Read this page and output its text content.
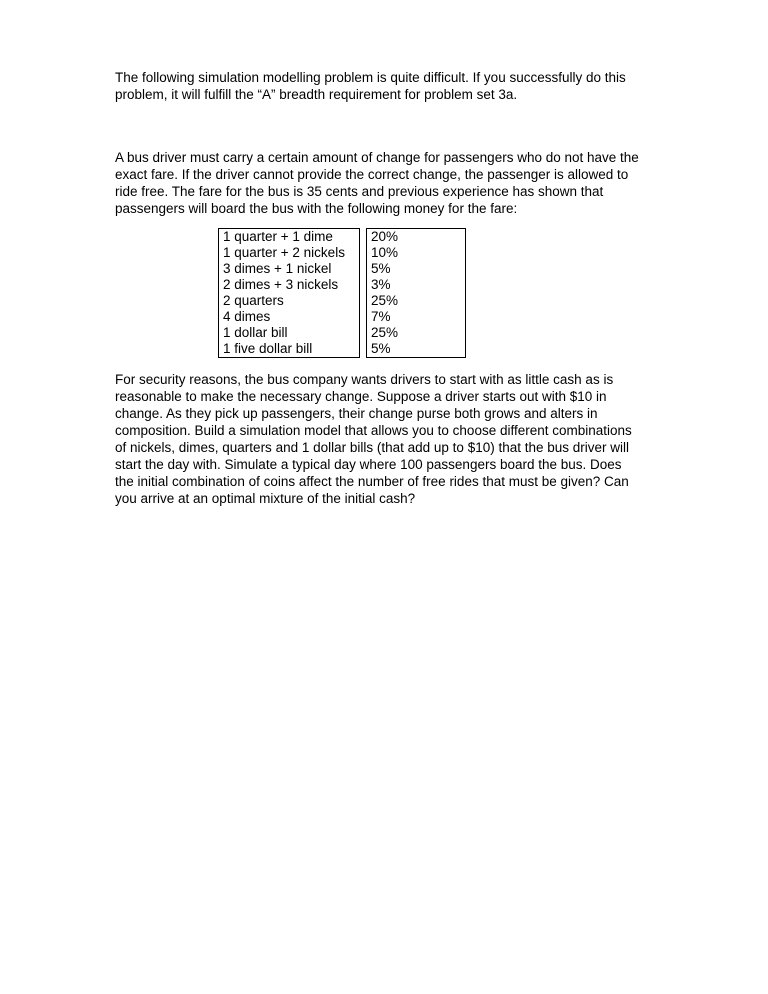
The following simulation modelling problem is quite difficult. If you successfully do this
problem, it will fulfill the “A” breadth requirement for problem set 3a.

A bus driver must carry a certain amount of change for passengers who do not have the
exact fare. If the driver cannot provide the correct change, the passenger is allowed to
ride free. The fare for the bus is 35 cents and previous experience has shown that
passengers will board the bus with the following money for the fare:

1 quarter + 1 dime		20%
1 quarter + 2 nickels		10%
3 dimes + 1 nickel		5%
2 dimes + 3 nickels		3%
2 quarters		25%
4 dimes		7%
1 dollar bill		25%
1 five dollar bill		5%

For security reasons, the bus company wants drivers to start with as little cash as is
reasonable to make the necessary change. Suppose a driver starts out with $10 in
change. As they pick up passengers, their change purse both grows and alters in
composition. Build a simulation model that allows you to choose different combinations
of nickels, dimes, quarters and 1 dollar bills (that add up to $10) that the bus driver will
start the day with. Simulate a typical day where 100 passengers board the bus. Does
the initial combination of coins affect the number of free rides that must be given? Can
you arrive at an optimal mixture of the initial cash?
